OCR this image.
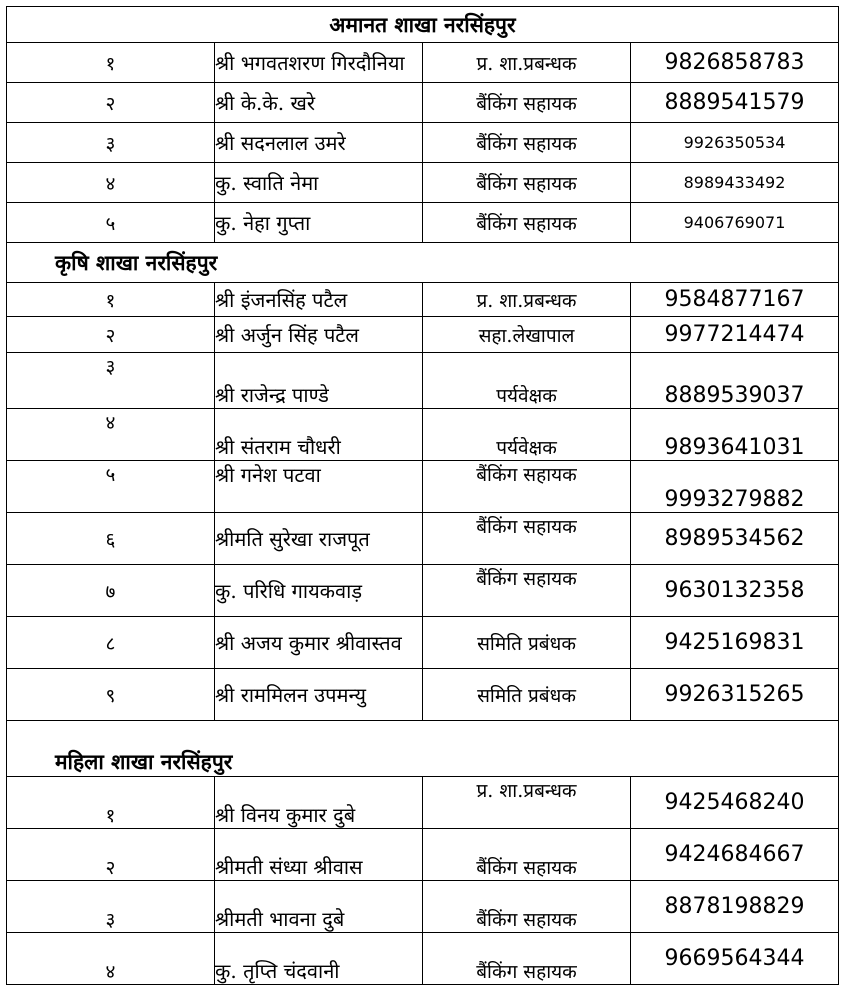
अमानत शाखा नरसिंहपुर			
१	श्री भगवतशरण गिरदौनिया	प्र. शा.प्रबन्धक	9826858783
२	श्री के.के. खरे	बैंकिंग सहायक	8889541579
३	श्री सदनलाल उमरे	बैंकिंग सहायक	9926350534
४	कु. स्वाति नेमा	बैंकिंग सहायक	8989433492
५	कु. नेहा गुप्ता	बैंकिंग सहायक	9406769071
कृषि शाखा नरसिंहपुर			
१	श्री इंजनसिंह पटैल	प्र. शा.प्रबन्धक	9584877167
२	श्री अर्जुन सिंह पटैल	सहा.लेखापाल	9977214474
३	श्री राजेन्द्र पाण्डे	पर्यवेक्षक	8889539037
४	श्री संतराम चौधरी	पर्यवेक्षक	9893641031
५	श्री गनेश पटवा	बैंकिंग सहायक	9993279882
६	श्रीमति सुरेखा राजपूत	बैंकिंग सहायक	8989534562
७	कु. परिधि गायकवाड़	बैंकिंग सहायक	9630132358
८	श्री अजय कुमार श्रीवास्तव	समिति प्रबंधक	9425169831
९	श्री राममिलन उपमन्यु	समिति प्रबंधक	9926315265
महिला शाखा नरसिंहपुर			
१	श्री विनय कुमार दुबे	प्र. शा.प्रबन्धक	9425468240
२	श्रीमती संध्या श्रीवास	बैंकिंग सहायक	9424684667
३	श्रीमती भावना दुबे	बैंकिंग सहायक	8878198829
४	कु. तृप्ति चंदवानी	बैंकिंग सहायक	9669564344
